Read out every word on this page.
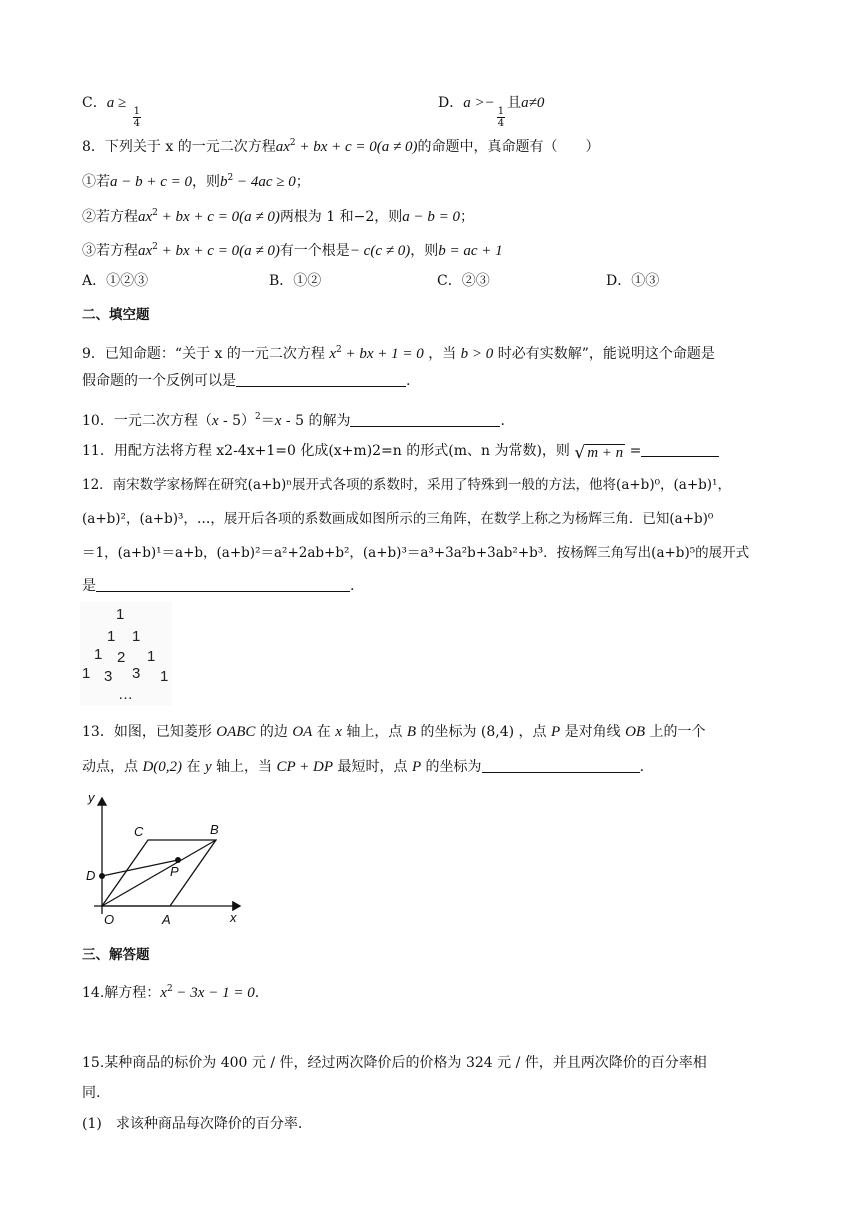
C．a ≥
$\frac{1}{4}$
D．a >−
$\frac{1}{4}$
且a≠0
8．下列关于 x 的一元二次方程$ax^2$ + bx + c = 0(a ≠ 0)的命题中，真命题有（　　）
①若a − b + c = 0，则$b^2 - 4ac \ge 0$；
②若方程$ax^2$ + bx + c = 0(a ≠ 0)两根为 1 和−2，则a − b = 0；
③若方程$ax^2$ + bx + c = 0(a ≠ 0)有一个根是− c(c ≠ 0)，则b = ac + 1
A．①②③	B．①②	C．②③	D．①③
二、填空题
9．已知命题：“关于 x 的一元二次方程 $x^2$ + bx + 1 = 0 ，当 b > 0 时必有实数解”，能说明这个命题是
假命题的一个反例可以是	.
10．一元二次方程（x - 5）$^2$＝x - 5 的解为	.
11．用配方法将方程 x2-4x+1=0 化成(x+m)2=n 的形式(m、n 为常数)，则 √ m + n =
12．南宋数学家杨辉在研究(a+b)ⁿ展开式各项的系数时，采用了特殊到一般的方法，他将(a+b)⁰，(a+b)¹，
(a+b)²，(a+b)³，…，展开后各项的系数画成如图所示的三角阵，在数学上称之为杨辉三角．已知(a+b)⁰
＝1，(a+b)¹＝a+b，(a+b)²＝a²+2ab+b²，(a+b)³＝a³+3a²b+3ab²+b³．按杨辉三角写出(a+b)⁵的展开式
是	.
1
1 1
1 2 1
1 3 3 1
…
13．如图，已知菱形 OABC 的边 OA 在 x 轴上，点 B 的坐标为 (8,4) ，点 P 是对角线 OB 上的一个
动点，点 D(0,2) 在 y 轴上，当 CP + DP 最短时，点 P 的坐标为	.
y
x
O	A
B
C
D	P
三、解答题
14.解方程：$x^2 - 3x - 1 = 0$.
15.某种商品的标价为 400 元 / 件，经过两次降价后的价格为 324 元 / 件，并且两次降价的百分率相
同.
(1) 求该种商品每次降价的百分率.
